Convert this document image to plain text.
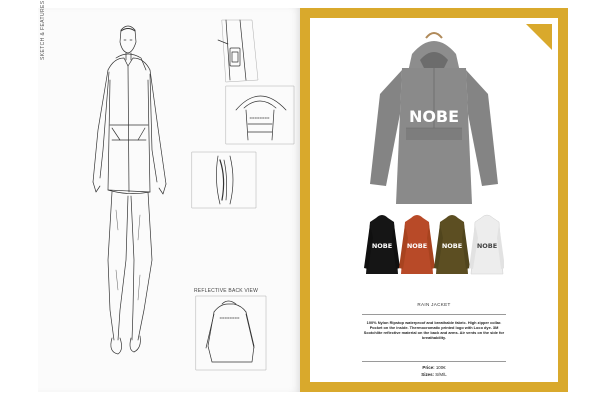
SKETCH & FEATURES
REFLECTIVE BACK VIEW
NOBE
NOBE NOBE NOBE NOBE
RAIN JACKET
100% Nylon Ripstop waterproof and breathable fabric. High zipper collar. Pocket on the inside. Thermocromatic printed logo with Loco dye. 3M Scotchlite reflective material on the back and arms. Air vents on the side for breathability.
Price: 100€
Sizes: S/M/L
